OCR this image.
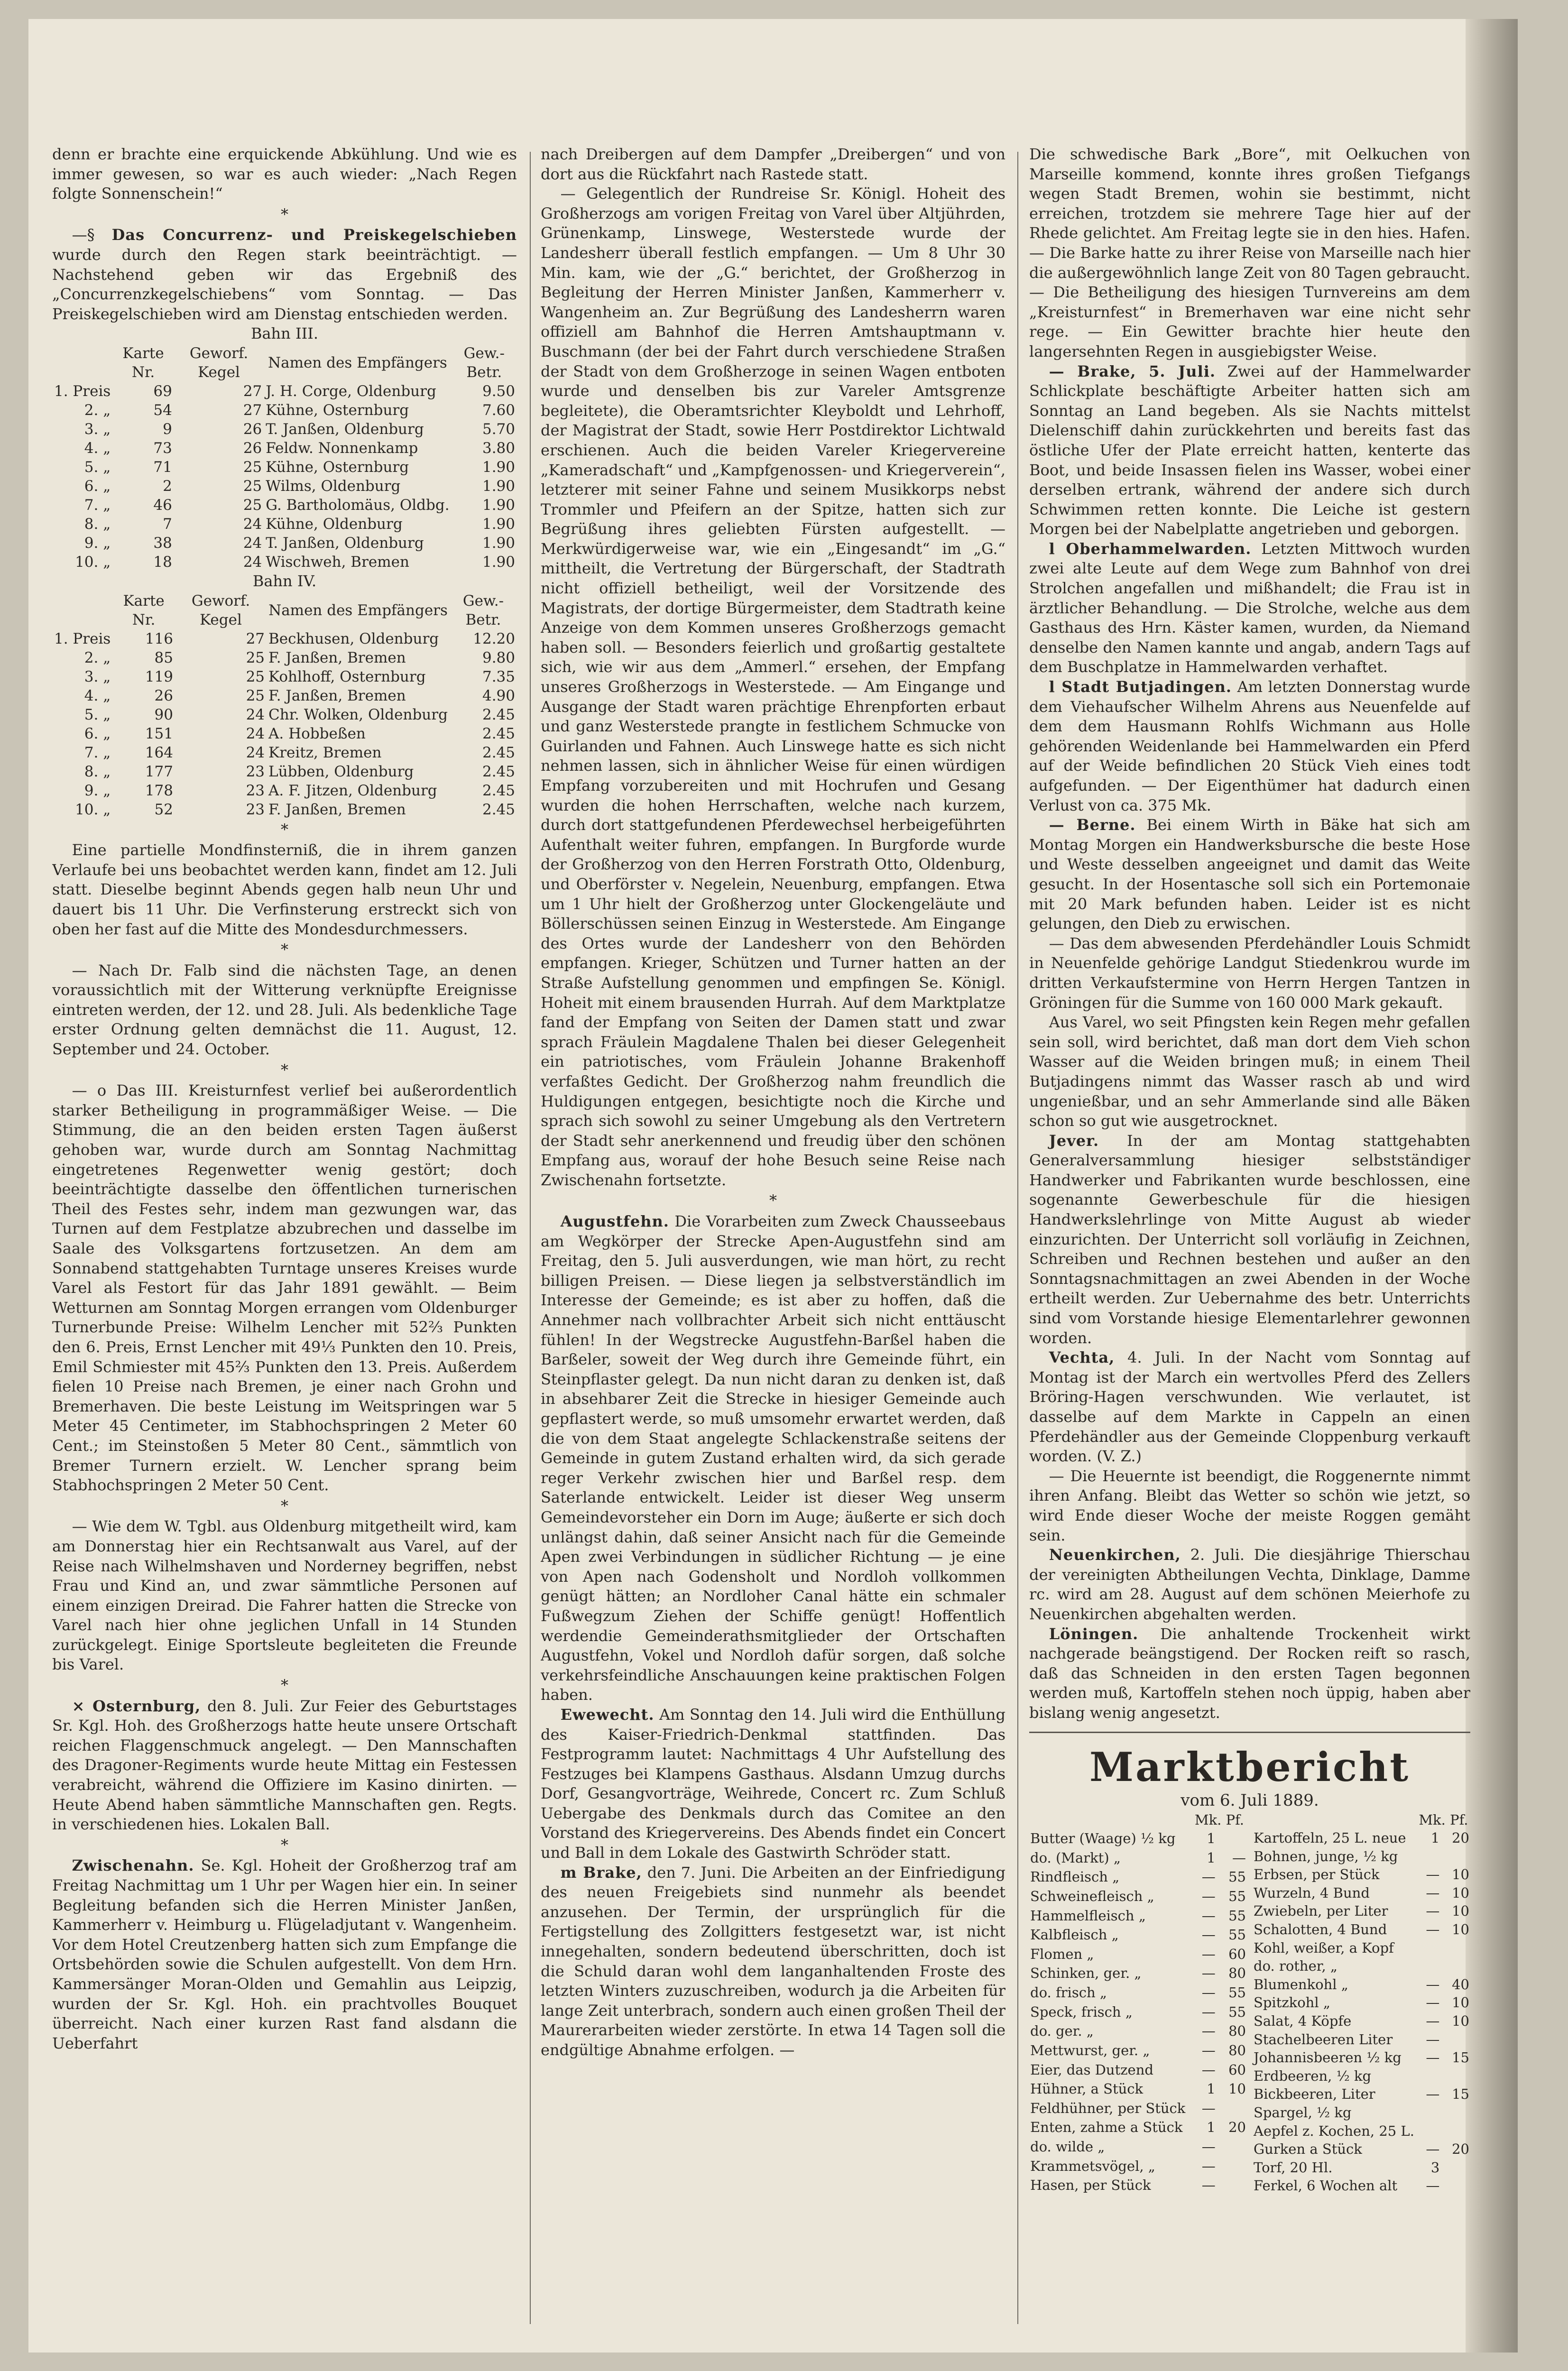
denn er brachte eine erquickende Abkühlung. Und wie es immer gewesen, so war es auch wieder: „Nach Regen folgte Sonnenschein!“

*

—§ Das Concurrenz- und Preiskegelschieben wurde durch den Regen stark beeinträchtigt. — Nachstehend geben wir das Ergebniß des „Concurrenzkegelschiebens“ vom Sonntag. — Das Preiskegelschieben wird am Dienstag entschieden werden.

Bahn III.
	Karte Nr.	Geworf. Kegel	Namen des Empfängers	Gew.-Betr.
1. Preis	69	27	J. H. Corge, Oldenburg	9.50
2. „	54	27	Kühne, Osternburg	7.60
3. „	9	26	T. Janßen, Oldenburg	5.70
4. „	73	26	Feldw. Nonnenkamp	3.80
5. „	71	25	Kühne, Osternburg	1.90
6. „	2	25	Wilms, Oldenburg	1.90
7. „	46	25	G. Bartholomäus, Oldbg.	1.90
8. „	7	24	Kühne, Oldenburg	1.90
9. „	38	24	T. Janßen, Oldenburg	1.90
10. „	18	24	Wischweh, Bremen	1.90
Bahn IV.
	Karte Nr.	Geworf. Kegel	Namen des Empfängers	Gew.-Betr.
1. Preis	116	27	Beckhusen, Oldenburg	12.20
2. „	85	25	F. Janßen, Bremen	9.80
3. „	119	25	Kohlhoff, Osternburg	7.35
4. „	26	25	F. Janßen, Bremen	4.90
5. „	90	24	Chr. Wolken, Oldenburg	2.45
6. „	151	24	A. Hobbeßen	2.45
7. „	164	24	Kreitz, Bremen	2.45
8. „	177	23	Lübben, Oldenburg	2.45
9. „	178	23	A. F. Jitzen, Oldenburg	2.45
10. „	52	23	F. Janßen, Bremen	2.45
*

Eine partielle Mondfinsterniß, die in ihrem ganzen Verlaufe bei uns beobachtet werden kann, findet am 12. Juli statt. Dieselbe beginnt Abends gegen halb neun Uhr und dauert bis 11 Uhr. Die Verfinsterung erstreckt sich von oben her fast auf die Mitte des Mondesdurchmessers.

*

— Nach Dr. Falb sind die nächsten Tage, an denen voraussichtlich mit der Witterung verknüpfte Ereignisse eintreten werden, der 12. und 28. Juli. Als bedenkliche Tage erster Ordnung gelten demnächst die 11. August, 12. September und 24. October.

*

— o Das III. Kreisturnfest verlief bei außerordentlich starker Betheiligung in programmäßiger Weise. — Die Stimmung, die an den beiden ersten Tagen äußerst gehoben war, wurde durch am Sonntag Nachmittag eingetretenes Regenwetter wenig gestört; doch beeinträchtigte dasselbe den öffentlichen turnerischen Theil des Festes sehr, indem man gezwungen war, das Turnen auf dem Festplatze abzubrechen und dasselbe im Saale des Volksgartens fortzusetzen. An dem am Sonnabend stattgehabten Turntage unseres Kreises wurde Varel als Festort für das Jahr 1891 gewählt. — Beim Wetturnen am Sonntag Morgen errangen vom Oldenburger Turnerbunde Preise: Wilhelm Lencher mit 52⅔ Punkten den 6. Preis, Ernst Lencher mit 49⅓ Punkten den 10. Preis, Emil Schmiester mit 45⅔ Punkten den 13. Preis. Außerdem fielen 10 Preise nach Bremen, je einer nach Grohn und Bremerhaven. Die beste Leistung im Weitspringen war 5 Meter 45 Centimeter, im Stabhochspringen 2 Meter 60 Cent.; im Steinstoßen 5 Meter 80 Cent., sämmtlich von Bremer Turnern erzielt. W. Lencher sprang beim Stabhochspringen 2 Meter 50 Cent.

*

— Wie dem W. Tgbl. aus Oldenburg mitgetheilt wird, kam am Donnerstag hier ein Rechtsanwalt aus Varel, auf der Reise nach Wilhelmshaven und Norderney begriffen, nebst Frau und Kind an, und zwar sämmtliche Personen auf einem einzigen Dreirad. Die Fahrer hatten die Strecke von Varel nach hier ohne jeglichen Unfall in 14 Stunden zurückgelegt. Einige Sportsleute begleiteten die Freunde bis Varel.

*

× Osternburg, den 8. Juli. Zur Feier des Geburtstages Sr. Kgl. Hoh. des Großherzogs hatte heute unsere Ortschaft reichen Flaggenschmuck angelegt. — Den Mannschaften des Dragoner-Regiments wurde heute Mittag ein Festessen verabreicht, während die Offiziere im Kasino dinirten. — Heute Abend haben sämmtliche Mannschaften gen. Regts. in verschiedenen hies. Lokalen Ball.

*

Zwischenahn. Se. Kgl. Hoheit der Großherzog traf am Freitag Nachmittag um 1 Uhr per Wagen hier ein. In seiner Begleitung befanden sich die Herren Minister Janßen, Kammerherr v. Heimburg u. Flügeladjutant v. Wangenheim. Vor dem Hotel Creutzenberg hatten sich zum Empfange die Ortsbehörden sowie die Schulen aufgestellt. Von dem Hrn. Kammersänger Moran-Olden und Gemahlin aus Leipzig, wurden der Sr. Kgl. Hoh. ein prachtvolles Bouquet überreicht. Nach einer kurzen Rast fand alsdann die Ueberfahrt

nach Dreibergen auf dem Dampfer „Dreibergen“ und von dort aus die Rückfahrt nach Rastede statt.

— Gelegentlich der Rundreise Sr. Königl. Hoheit des Großherzogs am vorigen Freitag von Varel über Altjührden, Grünenkamp, Linswege, Westerstede wurde der Landesherr überall festlich empfangen. — Um 8 Uhr 30 Min. kam, wie der „G.“ berichtet, der Großherzog in Begleitung der Herren Minister Janßen, Kammerherr v. Wangenheim an. Zur Begrüßung des Landesherrn waren offiziell am Bahnhof die Herren Amtshauptmann v. Buschmann (der bei der Fahrt durch verschiedene Straßen der Stadt von dem Großherzoge in seinen Wagen entboten wurde und denselben bis zur Vareler Amtsgrenze begleitete), die Oberamtsrichter Kleyboldt und Lehrhoff, der Magistrat der Stadt, sowie Herr Postdirektor Lichtwald erschienen. Auch die beiden Vareler Kriegervereine „Kameradschaft“ und „Kampfgenossen- und Kriegerverein“, letzterer mit seiner Fahne und seinem Musikkorps nebst Trommler und Pfeifern an der Spitze, hatten sich zur Begrüßung ihres geliebten Fürsten aufgestellt. — Merkwürdigerweise war, wie ein „Eingesandt“ im „G.“ mittheilt, die Vertretung der Bürgerschaft, der Stadtrath nicht offiziell betheiligt, weil der Vorsitzende des Magistrats, der dortige Bürgermeister, dem Stadtrath keine Anzeige von dem Kommen unseres Großherzogs gemacht haben soll. — Besonders feierlich und großartig gestaltete sich, wie wir aus dem „Ammerl.“ ersehen, der Empfang unseres Großherzogs in Westerstede. — Am Eingange und Ausgange der Stadt waren prächtige Ehrenpforten erbaut und ganz Westerstede prangte in festlichem Schmucke von Guirlanden und Fahnen. Auch Linswege hatte es sich nicht nehmen lassen, sich in ähnlicher Weise für einen würdigen Empfang vorzubereiten und mit Hochrufen und Gesang wurden die hohen Herrschaften, welche nach kurzem, durch dort stattgefundenen Pferdewechsel herbeigeführten Aufenthalt weiter fuhren, empfangen. In Burgforde wurde der Großherzog von den Herren Forstrath Otto, Oldenburg, und Oberförster v. Negelein, Neuenburg, empfangen. Etwa um 1 Uhr hielt der Großherzog unter Glockengeläute und Böllerschüssen seinen Einzug in Westerstede. Am Eingange des Ortes wurde der Landesherr von den Behörden empfangen. Krieger, Schützen und Turner hatten an der Straße Aufstellung genommen und empfingen Se. Königl. Hoheit mit einem brausenden Hurrah. Auf dem Marktplatze fand der Empfang von Seiten der Damen statt und zwar sprach Fräulein Magdalene Thalen bei dieser Gelegenheit ein patriotisches, vom Fräulein Johanne Brakenhoff verfaßtes Gedicht. Der Großherzog nahm freundlich die Huldigungen entgegen, besichtigte noch die Kirche und sprach sich sowohl zu seiner Umgebung als den Vertretern der Stadt sehr anerkennend und freudig über den schönen Empfang aus, worauf der hohe Besuch seine Reise nach Zwischenahn fortsetzte.

*

Augustfehn. Die Vorarbeiten zum Zweck Chausseebaus am Wegkörper der Strecke Apen-Augustfehn sind am Freitag, den 5. Juli ausverdungen, wie man hört, zu recht billigen Preisen. — Diese liegen ja selbstverständlich im Interesse der Gemeinde; es ist aber zu hoffen, daß die Annehmer nach vollbrachter Arbeit sich nicht enttäuscht fühlen! In der Wegstrecke Augustfehn-Barßel haben die Barßeler, soweit der Weg durch ihre Gemeinde führt, ein Steinpflaster gelegt. Da nun nicht daran zu denken ist, daß in absehbarer Zeit die Strecke in hiesiger Gemeinde auch gepflastert werde, so muß umsomehr erwartet werden, daß die von dem Staat angelegte Schlackenstraße seitens der Gemeinde in gutem Zustand erhalten wird, da sich gerade reger Verkehr zwischen hier und Barßel resp. dem Saterlande entwickelt. Leider ist dieser Weg unserm Gemeindevorsteher ein Dorn im Auge; äußerte er sich doch unlängst dahin, daß seiner Ansicht nach für die Gemeinde Apen zwei Verbindungen in südlicher Richtung — je eine von Apen nach Godensholt und Nordloh vollkommen genügt hätten; an Nordloher Canal hätte ein schmaler Fußwegzum Ziehen der Schiffe genügt! Hoffentlich werdendie Gemeinderathsmitglieder der Ortschaften Augustfehn, Vokel und Nordloh dafür sorgen, daß solche verkehrsfeindliche Anschauungen keine praktischen Folgen haben.

Ewewecht. Am Sonntag den 14. Juli wird die Enthüllung des Kaiser-Friedrich-Denkmal stattfinden. Das Festprogramm lautet: Nachmittags 4 Uhr Aufstellung des Festzuges bei Klampens Gasthaus. Alsdann Umzug durchs Dorf, Gesangvorträge, Weihrede, Concert rc. Zum Schluß Uebergabe des Denkmals durch das Comitee an den Vorstand des Kriegervereins. Des Abends findet ein Concert und Ball in dem Lokale des Gastwirth Schröder statt.

m Brake, den 7. Juni. Die Arbeiten an der Einfriedigung des neuen Freigebiets sind nunmehr als beendet anzusehen. Der Termin, der ursprünglich für die Fertigstellung des Zollgitters festgesetzt war, ist nicht innegehalten, sondern bedeutend überschritten, doch ist die Schuld daran wohl dem langanhaltenden Froste des letzten Winters zuzuschreiben, wodurch ja die Arbeiten für lange Zeit unterbrach, sondern auch einen großen Theil der Maurerarbeiten wieder zerstörte. In etwa 14 Tagen soll die endgültige Abnahme erfolgen. —

Die schwedische Bark „Bore“, mit Oelkuchen von Marseille kommend, konnte ihres großen Tiefgangs wegen Stadt Bremen, wohin sie bestimmt, nicht erreichen, trotzdem sie mehrere Tage hier auf der Rhede gelichtet. Am Freitag legte sie in den hies. Hafen. — Die Barke hatte zu ihrer Reise von Marseille nach hier die außergewöhnlich lange Zeit von 80 Tagen gebraucht. — Die Betheiligung des hiesigen Turnvereins am dem „Kreisturnfest“ in Bremerhaven war eine nicht sehr rege. — Ein Gewitter brachte hier heute den langersehnten Regen in ausgiebigster Weise.

— Brake, 5. Juli. Zwei auf der Hammelwarder Schlickplate beschäftigte Arbeiter hatten sich am Sonntag an Land begeben. Als sie Nachts mittelst Dielenschiff dahin zurückkehrten und bereits fast das östliche Ufer der Plate erreicht hatten, kenterte das Boot, und beide Insassen fielen ins Wasser, wobei einer derselben ertrank, während der andere sich durch Schwimmen retten konnte. Die Leiche ist gestern Morgen bei der Nabelplatte angetrieben und geborgen.

l Oberhammelwarden. Letzten Mittwoch wurden zwei alte Leute auf dem Wege zum Bahnhof von drei Strolchen angefallen und mißhandelt; die Frau ist in ärztlicher Behandlung. — Die Strolche, welche aus dem Gasthaus des Hrn. Käster kamen, wurden, da Niemand denselbe den Namen kannte und angab, andern Tags auf dem Buschplatze in Hammelwarden verhaftet.

l Stadt Butjadingen. Am letzten Donnerstag wurde dem Viehaufscher Wilhelm Ahrens aus Neuenfelde auf dem dem Hausmann Rohlfs Wichmann aus Holle gehörenden Weidenlande bei Hammelwarden ein Pferd auf der Weide befindlichen 20 Stück Vieh eines todt aufgefunden. — Der Eigenthümer hat dadurch einen Verlust von ca. 375 Mk.

— Berne. Bei einem Wirth in Bäke hat sich am Montag Morgen ein Handwerksbursche die beste Hose und Weste desselben angeeignet und damit das Weite gesucht. In der Hosentasche soll sich ein Portemonaie mit 20 Mark befunden haben. Leider ist es nicht gelungen, den Dieb zu erwischen.

— Das dem abwesenden Pferdehändler Louis Schmidt in Neuenfelde gehörige Landgut Stiedenkrou wurde im dritten Verkaufstermine von Herrn Hergen Tantzen in Gröningen für die Summe von 160 000 Mark gekauft.

Aus Varel, wo seit Pfingsten kein Regen mehr gefallen sein soll, wird berichtet, daß man dort dem Vieh schon Wasser auf die Weiden bringen muß; in einem Theil Butjadingens nimmt das Wasser rasch ab und wird ungenießbar, und an sehr Ammerlande sind alle Bäken schon so gut wie ausgetrocknet.

Jever. In der am Montag stattgehabten Generalversammlung hiesiger selbstständiger Handwerker und Fabrikanten wurde beschlossen, eine sogenannte Gewerbeschule für die hiesigen Handwerkslehrlinge von Mitte August ab wieder einzurichten. Der Unterricht soll vorläufig in Zeichnen, Schreiben und Rechnen bestehen und außer an den Sonntagsnachmittagen an zwei Abenden in der Woche ertheilt werden. Zur Uebernahme des betr. Unterrichts sind vom Vorstande hiesige Elementarlehrer gewonnen worden.

Vechta, 4. Juli. In der Nacht vom Sonntag auf Montag ist der March ein wertvolles Pferd des Zellers Bröring-Hagen verschwunden. Wie verlautet, ist dasselbe auf dem Markte in Cappeln an einen Pferdehändler aus der Gemeinde Cloppenburg verkauft worden. (V. Z.)

— Die Heuernte ist beendigt, die Roggenernte nimmt ihren Anfang. Bleibt das Wetter so schön wie jetzt, so wird Ende dieser Woche der meiste Roggen gemäht sein.

Neuenkirchen, 2. Juli. Die diesjährige Thierschau der vereinigten Abtheilungen Vechta, Dinklage, Damme rc. wird am 28. August auf dem schönen Meierhofe zu Neuenkirchen abgehalten werden.

Löningen. Die anhaltende Trockenheit wirkt nachgerade beängstigend. Der Rocken reift so rasch, daß das Schneiden in den ersten Tagen begonnen werden muß, Kartoffeln stehen noch üppig, haben aber bislang wenig angesetzt.

Marktbericht
vom 6. Juli 1889.
	Mk. Pf.	
Butter (Waage) ½ kg	1	
do. (Markt) „	1	—
Rindfleisch „	—	55
Schweinefleisch „	—	55
Hammelfleisch „	—	55
Kalbfleisch „	—	55
Flomen „	—	60
Schinken, ger. „	—	80
do. frisch „	—	55
Speck, frisch „	—	55
do. ger. „	—	80
Mettwurst, ger. „	—	80
Eier, das Dutzend	—	60
Hühner, a Stück	1	10
Feldhühner, per Stück	—	
Enten, zahme a Stück	1	20
do. wilde „	—	
Krammetsvögel, „	—	
Hasen, per Stück	—	
	Mk. Pf.	
Kartoffeln, 25 L. neue	1	20
Bohnen, junge, ½ kg		
Erbsen, per Stück	—	10
Wurzeln, 4 Bund	—	10
Zwiebeln, per Liter	—	10
Schalotten, 4 Bund	—	10
Kohl, weißer, a Kopf		
do. rother, „		
Blumenkohl „	—	40
Spitzkohl „	—	10
Salat, 4 Köpfe	—	10
Stachelbeeren Liter	—	
Johannisbeeren ½ kg	—	15
Erdbeeren, ½ kg		
Bickbeeren, Liter	—	15
Spargel, ½ kg		
Aepfel z. Kochen, 25 L.		
Gurken a Stück	—	20
Torf, 20 Hl.	3	
Ferkel, 6 Wochen alt	—	
